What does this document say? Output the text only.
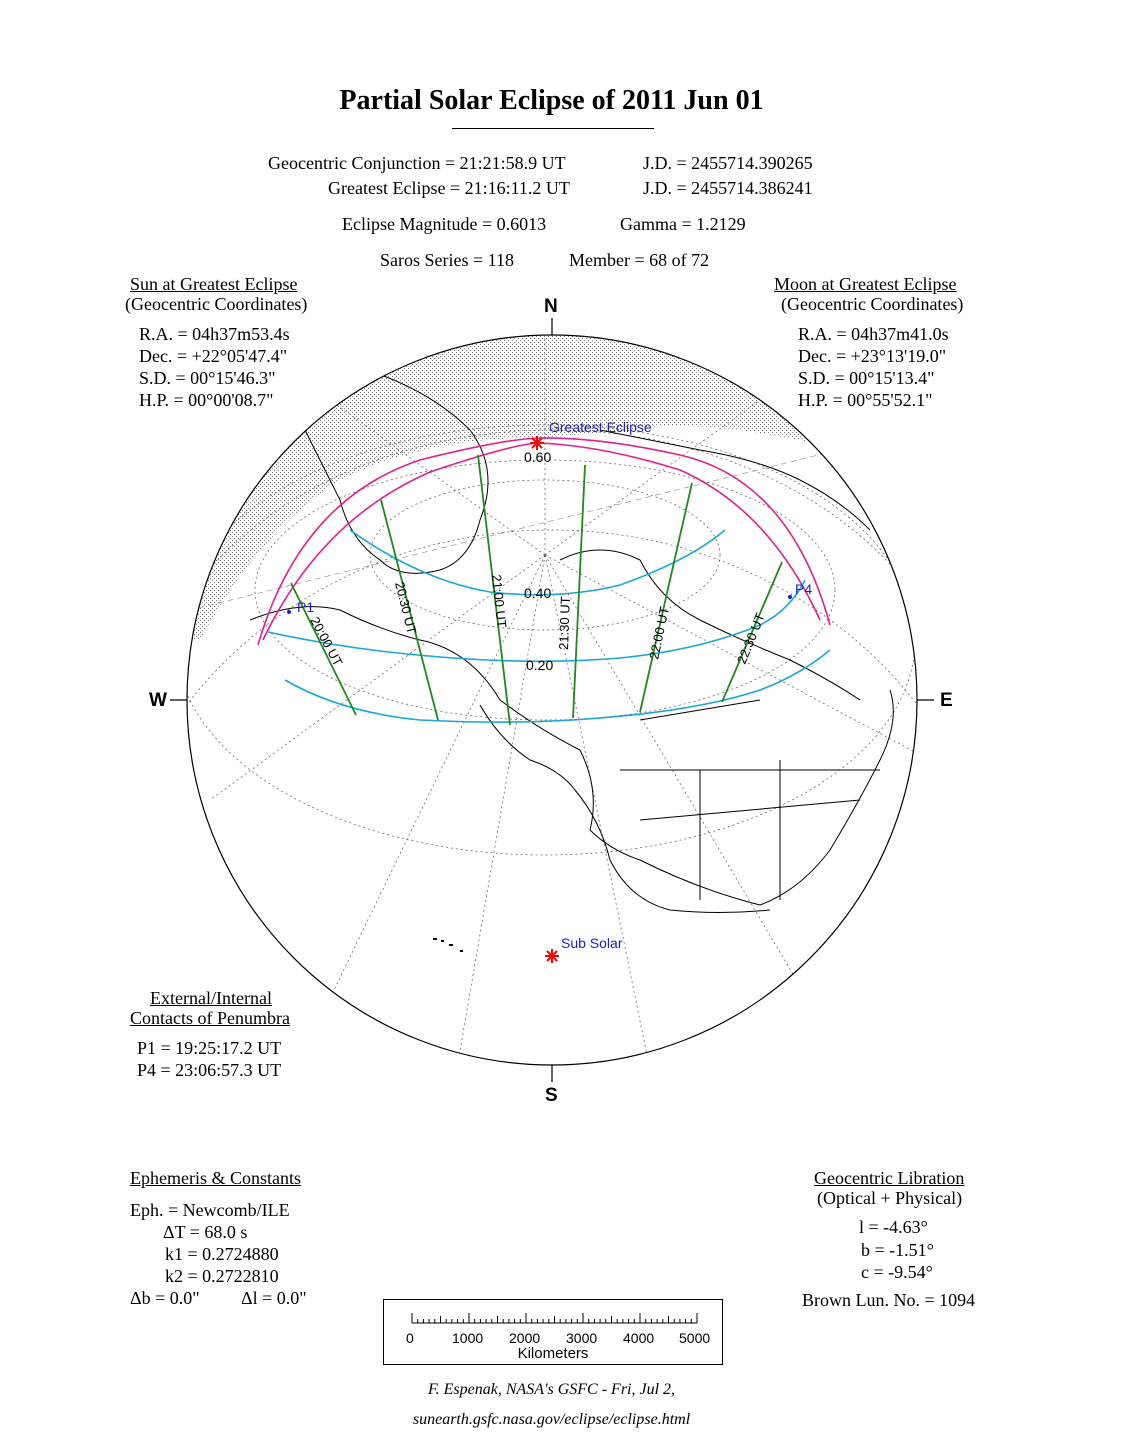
Partial Solar Eclipse of 2011 Jun 01
Geocentric Conjunction = 21:21:58.9 UT	J.D. = 2455714.390265
Greatest Eclipse = 21:16:11.2 UT	J.D. = 2455714.386241
Eclipse Magnitude = 0.6013	Gamma = 1.2129
Saros Series = 118	Member = 68 of 72
Sun at Greatest Eclipse
(Geocentric Coordinates)
R.A. = 04h37m53.4s
Dec. = +22°05'47.4"
S.D. = 00°15'46.3"
H.P. = 00°00'08.7"
Moon at Greatest Eclipse
(Geocentric Coordinates)
R.A. = 04h37m41.0s
Dec. = +23°13'19.0"
S.D. = 00°15'13.4"
H.P. = 00°55'52.1"
Greatest Eclipse
Sub Solar
P1
P4
0.60
0.40
0.20
20:00 UT
20:30 UT	21:00 UT	21:30 UT	22:00 UT	22:30 UT
N
S
W	E
External/Internal
Contacts of Penumbra
P1 = 19:25:17.2 UT
P4 = 23:06:57.3 UT
Ephemeris & Constants
Eph. = Newcomb/ILE
ΔT = 68.0 s
k1 = 0.2724880
k2 = 0.2722810
Δb = 0.0" Δl = 0.0"
Geocentric Libration
(Optical + Physical)
l = -4.63°
b = -1.51°
c = -9.54°
Brown Lun. No. = 1094
0	1000 2000 3000 4000 5000
Kilometers
F. Espenak, NASA's GSFC - Fri, Jul 2,
sunearth.gsfc.nasa.gov/eclipse/eclipse.html
